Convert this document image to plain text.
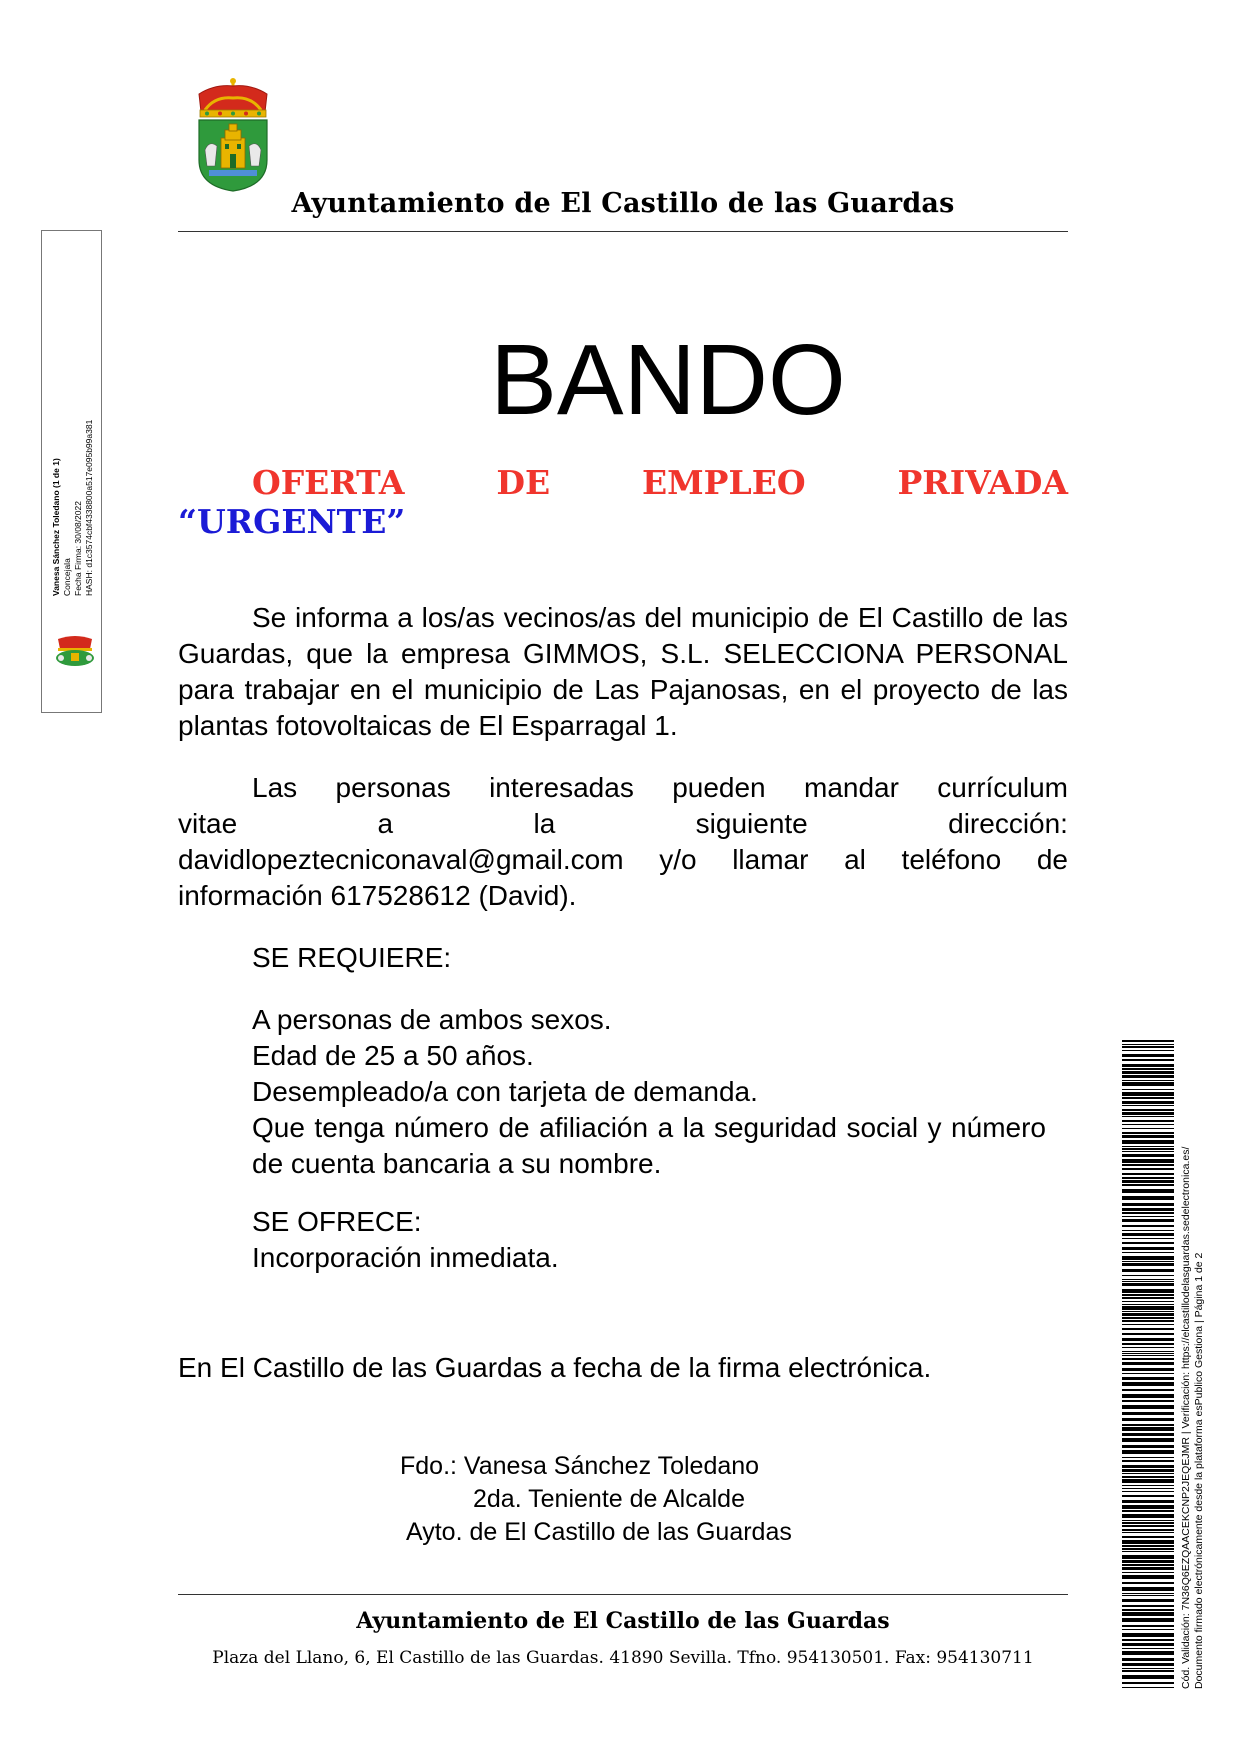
Ayuntamiento de El Castillo de las Guardas
Vanesa Sánchez Toledano (1 de 1) Concejala Fecha Firma: 30/08/2022 HASH: d1c3574cbf4338800a517e095b99a381
BANDO
OFERTA	DE	EMPLEO	PRIVADA
“URGENTE”
Se informa a los/as vecinos/as del municipio de El Castillo de las Guardas, que la empresa GIMMOS, S.L. SELECCIONA PERSONAL para trabajar en el municipio de Las Pajanosas, en el proyecto de las plantas fotovoltaicas de El Esparragal 1.
Las personas interesadas pueden mandar currículum
vitae	a	la	siguiente	dirección:
davidlopeztecniconaval@gmail.com y/o llamar al teléfono de
información 617528612 (David).
SE REQUIERE:
A personas de ambos sexos.
Edad de 25 a 50 años.
Desempleado/a con tarjeta de demanda.
Que tenga número de afiliación a la seguridad social y número de cuenta bancaria a su nombre.
SE OFRECE:
Incorporación inmediata.
En El Castillo de las Guardas a fecha de la firma electrónica.
Fdo.: Vanesa Sánchez Toledano
2da. Teniente de Alcalde
Ayto. de El Castillo de las Guardas
Ayuntamiento de El Castillo de las Guardas
Plaza del Llano, 6, El Castillo de las Guardas. 41890 Sevilla. Tfno. 954130501. Fax: 954130711	Cód. Validación: 7N36Q6EZQAACEKCNP2JEQEJMR | Verificación: https://elcastillodelasguardas.sedelectronica.es/ Documento firmado electrónicamente desde la plataforma esPublico Gestiona | Página 1 de 2
